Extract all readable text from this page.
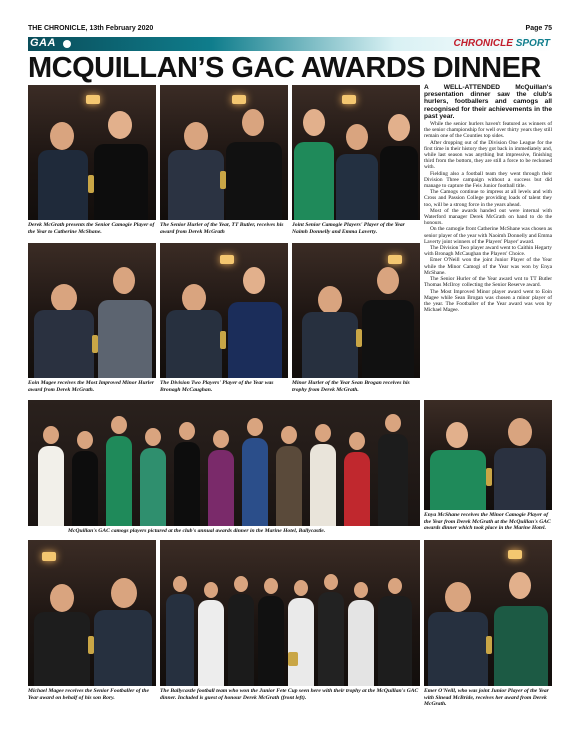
THE CHRONICLE, 13th February 2020	Page 75
GAA	CHRONICLE SPORT
MCQUILLAN’S GAC AWARDS DINNER
Derek McGrath presents the Senior Camogie Player of the Year to Catherine McShane.
The Senior Hurler of the Year, TT Butler, receives his award from Derek McGrath
Joint Senior Camogie Players' Player of the Year Naimh Donnelly and Emma Laverty.

A WELL-ATTENDED McQuillan's presentation dinner saw the club's hurlers, footballers and camogs all recognised for their achievements in the past year.

While the senior hurlers haven't featured as winners of the senior championship for well over thirty years they still remain one of the Counties top sides.

After dropping out of the Division One League for the first time in their history they got back in immediately and, while last season was anything but impressive, finishing third from the bottom, they are still a force to be reckoned with.

Fielding also a football team they went through their Division Three campaign without a success but did manage to capture the Feis Junior football title.

The Camogs continue to impress at all levels and with Cross and Passion College providing loads of talent they too, will be a strong force in the years ahead.

Most of the awards handed out were internal with Waterford manager Derek McGrath on hand to do the honours.

On the camogie front Catherine McShane was chosen as senior player of the year with Naoimh Donnelly and Emma Laverty joint winners of the Players' Player' award.

The Division Two player award went to Caithin Hegarty with Bronagh McCaughan the Players' Choice.

Emer O'Neill won the joint Junior Player of the Year while the Minor Camogi of the Year was won by Enya McShane.

The Senior Hurler of the Year award wnt to TT Butler Thomas McIlroy collecting the Senior Reserve award.

The Most Improved Minor player award went to Eoin Magee while Sean Brogan was chosen a minor player of the year. The Footballer of the Year award was won by Michael Magee.

Eoin Magee receives the Most Improved Minor Hurler award from Derek McGrath.
The Division Two Players' Player of the Year was Bronagh McCaughan.
Minor Hurler of the Year Sean Brogan receives his trophy from Derek McGrath.
McQuillan's GAC camogs players pictured at the club's annual awards dinner in the Marine Hotel, Ballycastle.
Enya McShane receives the Minor Camogie Player of the Year from Derek McGrath at the McQuillan's GAC awards dinner which took place in the Marine Hotel.
Michael Magee receives the Senior Footballer of the Year award on behalf of his son Rory.
The Ballycastle football team who won the Junior Fete Cup seen here with their trophy at the McQuillan's GAC dinner. Included is guest of honour Derek McGrath (front left).
Emer O'Neill, who was joint Junior Player of the Year with Sinead McBride, receives her award from Derek McGrath.
